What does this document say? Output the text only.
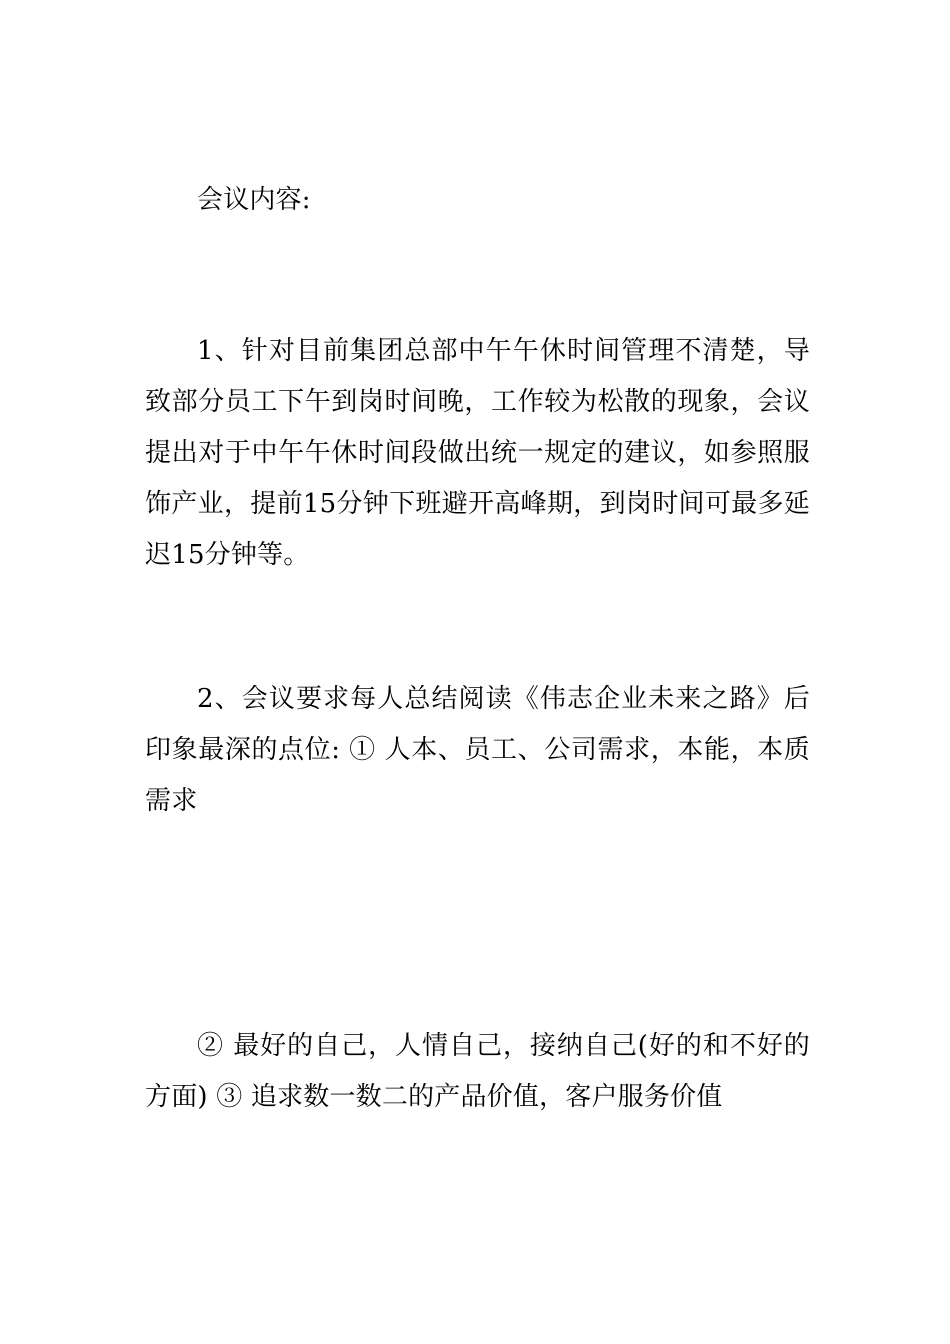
会议内容:

1、针对目前集团总部中午午休时间管理不清楚，导致部分员工下午到岗时间晚，工作较为松散的现象，会议提出对于中午午休时间段做出统一规定的建议，如参照服饰产业，提前15分钟下班避开高峰期，到岗时间可最多延迟15分钟等。

2、会议要求每人总结阅读《伟志企业未来之路》后印象最深的点位: ① 人本、员工、公司需求，本能，本质需求

② 最好的自己，人情自己，接纳自己(好的和不好的方面) ③ 追求数一数二的产品价值，客户服务价值
